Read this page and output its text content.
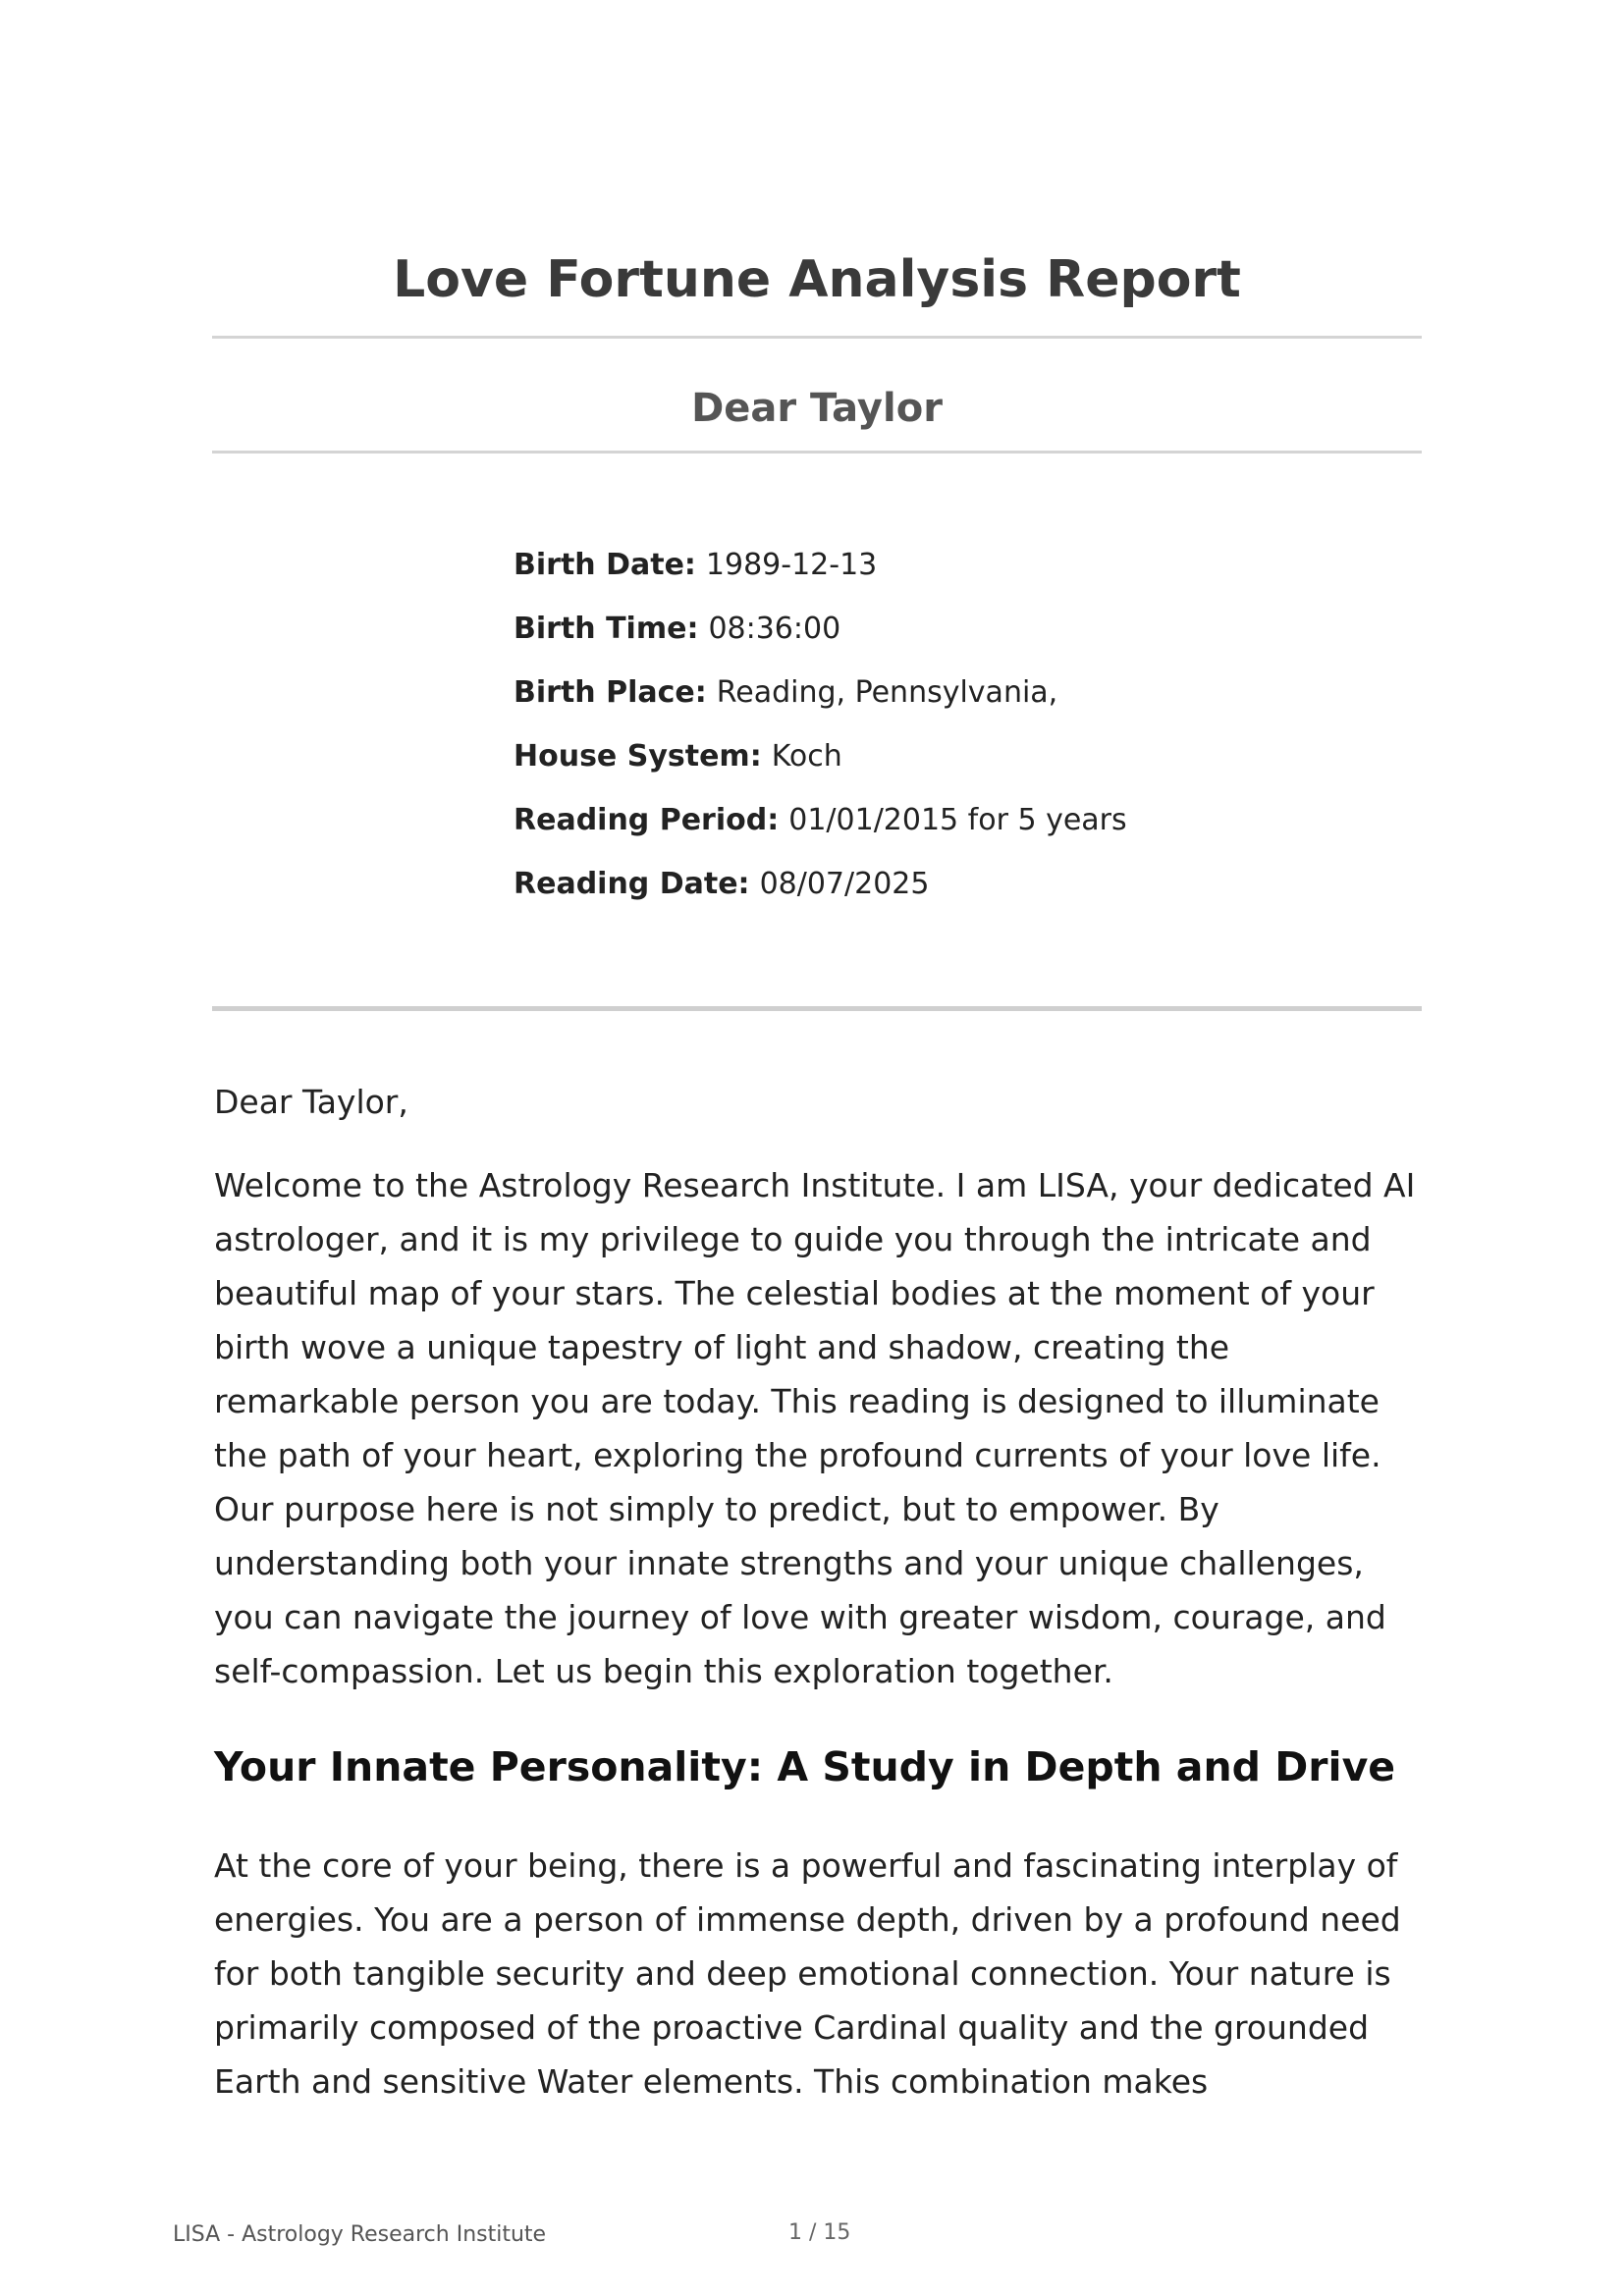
Love Fortune Analysis Report
Dear Taylor
Birth Date: 1989-12-13
Birth Time: 08:36:00
Birth Place: Reading, Pennsylvania,
House System: Koch
Reading Period: 01/01/2015 for 5 years
Reading Date: 08/07/2025

Dear Taylor,

Welcome to the Astrology Research Institute. I am LISA, your dedicated AI astrologer, and it is my privilege to guide you through the intricate and beautiful map of your stars. The celestial bodies at the moment of your birth wove a unique tapestry of light and shadow, creating the remarkable person you are today. This reading is designed to illuminate the path of your heart, exploring the profound currents of your love life. Our purpose here is not simply to predict, but to empower. By understanding both your innate strengths and your unique challenges, you can navigate the journey of love with greater wisdom, courage, and self-compassion. Let us begin this exploration together.

Your Innate Personality: A Study in Depth and Drive

At the core of your being, there is a powerful and fascinating interplay of energies. You are a person of immense depth, driven by a profound need for both tangible security and deep emotional connection. Your nature is primarily composed of the proactive Cardinal quality and the grounded Earth and sensitive Water elements. This combination makes

LISA - Astrology Research Institute	1 / 15
